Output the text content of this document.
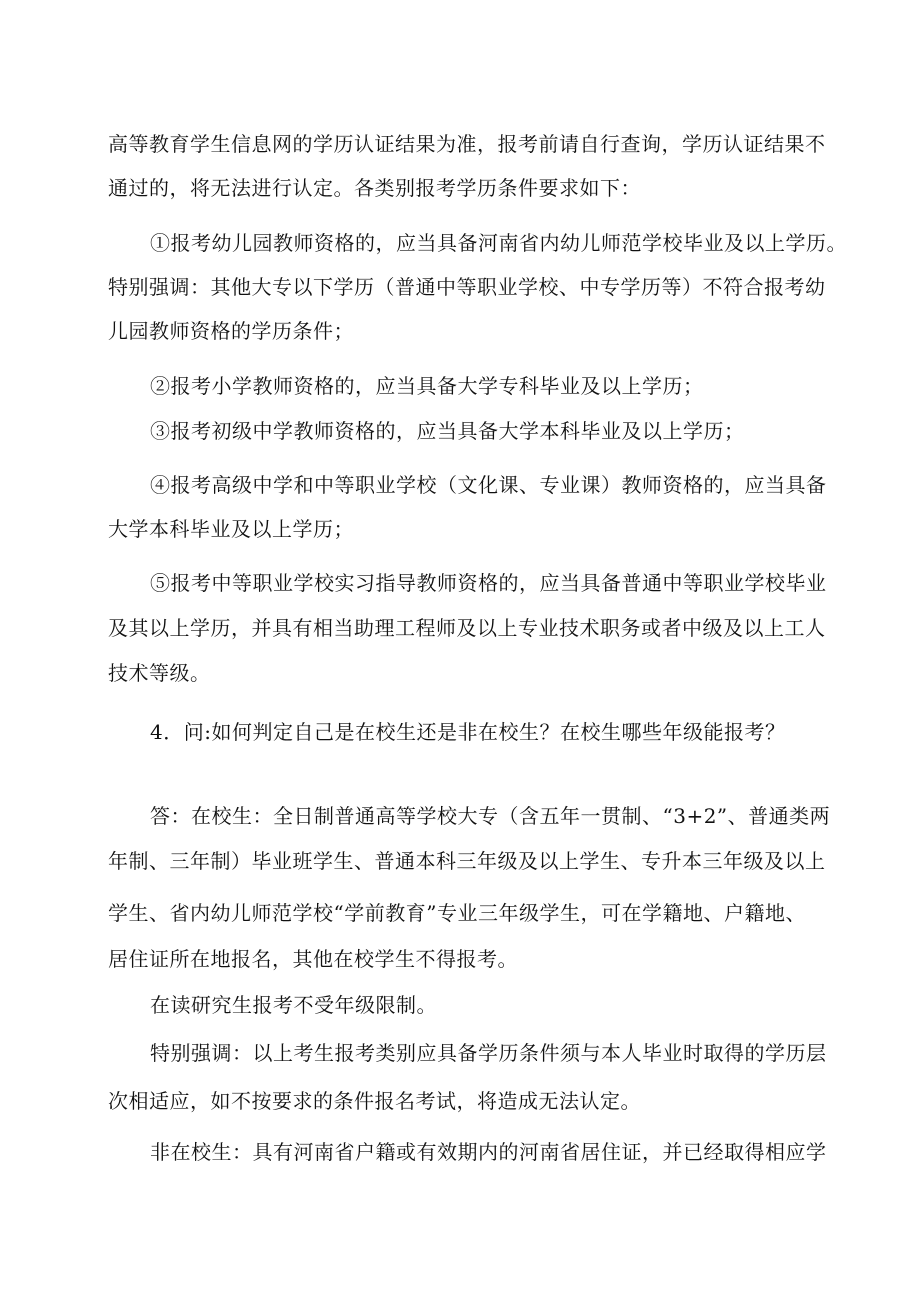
高等教育学生信息网的学历认证结果为准，报考前请自行查询，学历认证结果不
通过的，将无法进行认定。各类别报考学历条件要求如下：
①报考幼儿园教师资格的，应当具备河南省内幼儿师范学校毕业及以上学历。
特别强调：其他大专以下学历（普通中等职业学校、中专学历等）不符合报考幼
儿园教师资格的学历条件；
②报考小学教师资格的，应当具备大学专科毕业及以上学历；
③报考初级中学教师资格的，应当具备大学本科毕业及以上学历；
④报考高级中学和中等职业学校（文化课、专业课）教师资格的，应当具备
大学本科毕业及以上学历；
⑤报考中等职业学校实习指导教师资格的，应当具备普通中等职业学校毕业
及其以上学历，并具有相当助理工程师及以上专业技术职务或者中级及以上工人
技术等级。
4．问:如何判定自己是在校生还是非在校生？在校生哪些年级能报考？
答：在校生：全日制普通高等学校大专（含五年一贯制、“3+2”、普通类两
年制、三年制）毕业班学生、普通本科三年级及以上学生、专升本三年级及以上
学生、省内幼儿师范学校“学前教育”专业三年级学生，可在学籍地、户籍地、
居住证所在地报名，其他在校学生不得报考。
在读研究生报考不受年级限制。
特别强调：以上考生报考类别应具备学历条件须与本人毕业时取得的学历层
次相适应，如不按要求的条件报名考试，将造成无法认定。
非在校生：具有河南省户籍或有效期内的河南省居住证，并已经取得相应学
